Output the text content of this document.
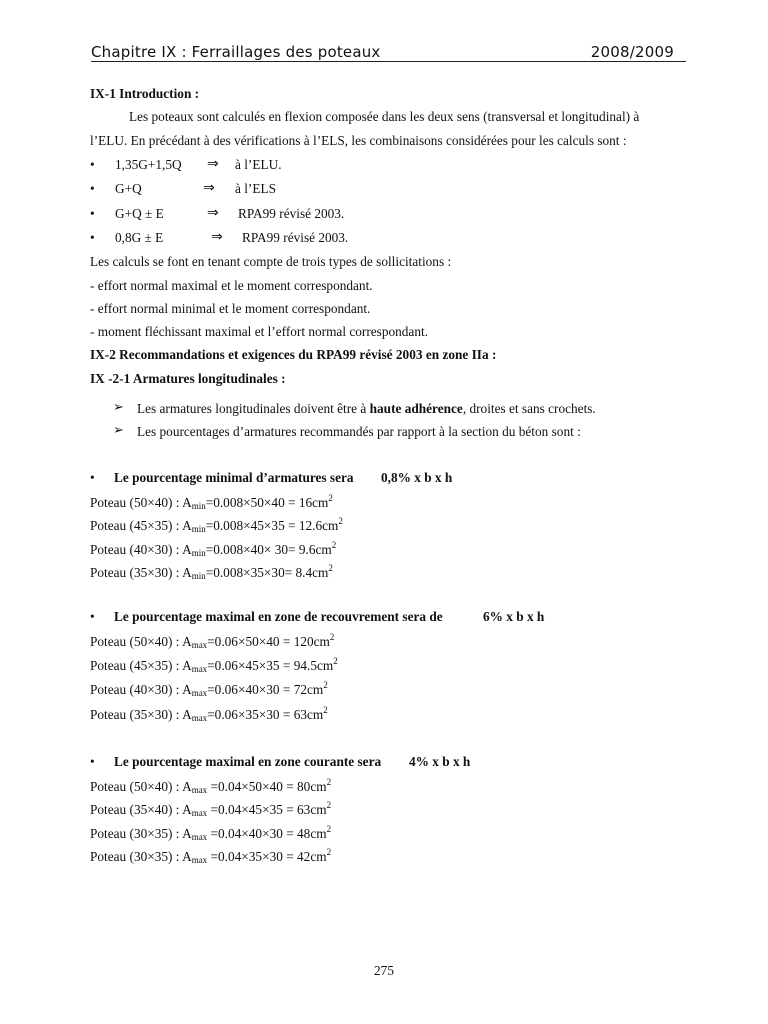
Chapitre IX : Ferraillages des poteaux	2008/2009
IX-1 Introduction :
Les poteaux sont calculés en flexion composée dans les deux sens (transversal et longitudinal) à
l’ELU. En précédant à des vérifications à l’ELS, les combinaisons considérées pour les calculs sont :
• 1,35G+1,5Q ⇒ à l’ELU.
• G+Q	⇒ à l’ELS
• G+Q ± E	⇒ RPA99 révisé 2003.
• 0,8G ± E	⇒ RPA99 révisé 2003.
Les calculs se font en tenant compte de trois types de sollicitations :
- effort normal maximal et le moment correspondant.
- effort normal minimal et le moment correspondant.
- moment fléchissant maximal et l’effort normal correspondant.
IX-2 Recommandations et exigences du RPA99 révisé 2003 en zone IIa :
IX -2-1 Armatures longitudinales :
➢ Les armatures longitudinales doivent être à haute adhérence, droites et sans crochets.
➢ Les pourcentages d’armatures recommandés par rapport à la section du béton sont :
• Le pourcentage minimal d’armatures sera 0,8% x b x h
Poteau (50×40) : $A_{min}=0.008\times 50\times 40 = 16cm^2$
Poteau (45×35) : $A_{min}=0.008\times 45\times 35 = 12.6cm^2$
Poteau (40×30) : $A_{min}=0.008\times 40\times 30= 9.6cm^2$
Poteau (35×30) : $A_{min}=0.008\times 35\times 30= 8.4cm^2$
• Le pourcentage maximal en zone de recouvrement sera de	6% x b x h
Poteau (50×40) : $A_{max}=0.06\times 50\times 40 = 120cm^2$
Poteau (45×35) : $A_{max}=0.06\times 45\times 35 = 94.5cm^2$
Poteau (40×30) : $A_{max}=0.06\times 40\times 30 = 72cm^2$
Poteau (35×30) : $A_{max}=0.06\times 35\times 30 = 63cm^2$
• Le pourcentage maximal en zone courante sera 4% x b x h
Poteau (50×40) : $A_{max} =0.04\times 50\times 40 = 80cm^2$
Poteau (35×40) : $A_{max} =0.04\times 45\times 35 = 63cm^2$
Poteau (30×35) : $A_{max} =0.04\times 40\times 30 = 48cm^2$
Poteau (30×35) : $A_{max} =0.04\times 35\times 30 = 42cm^2$
275
